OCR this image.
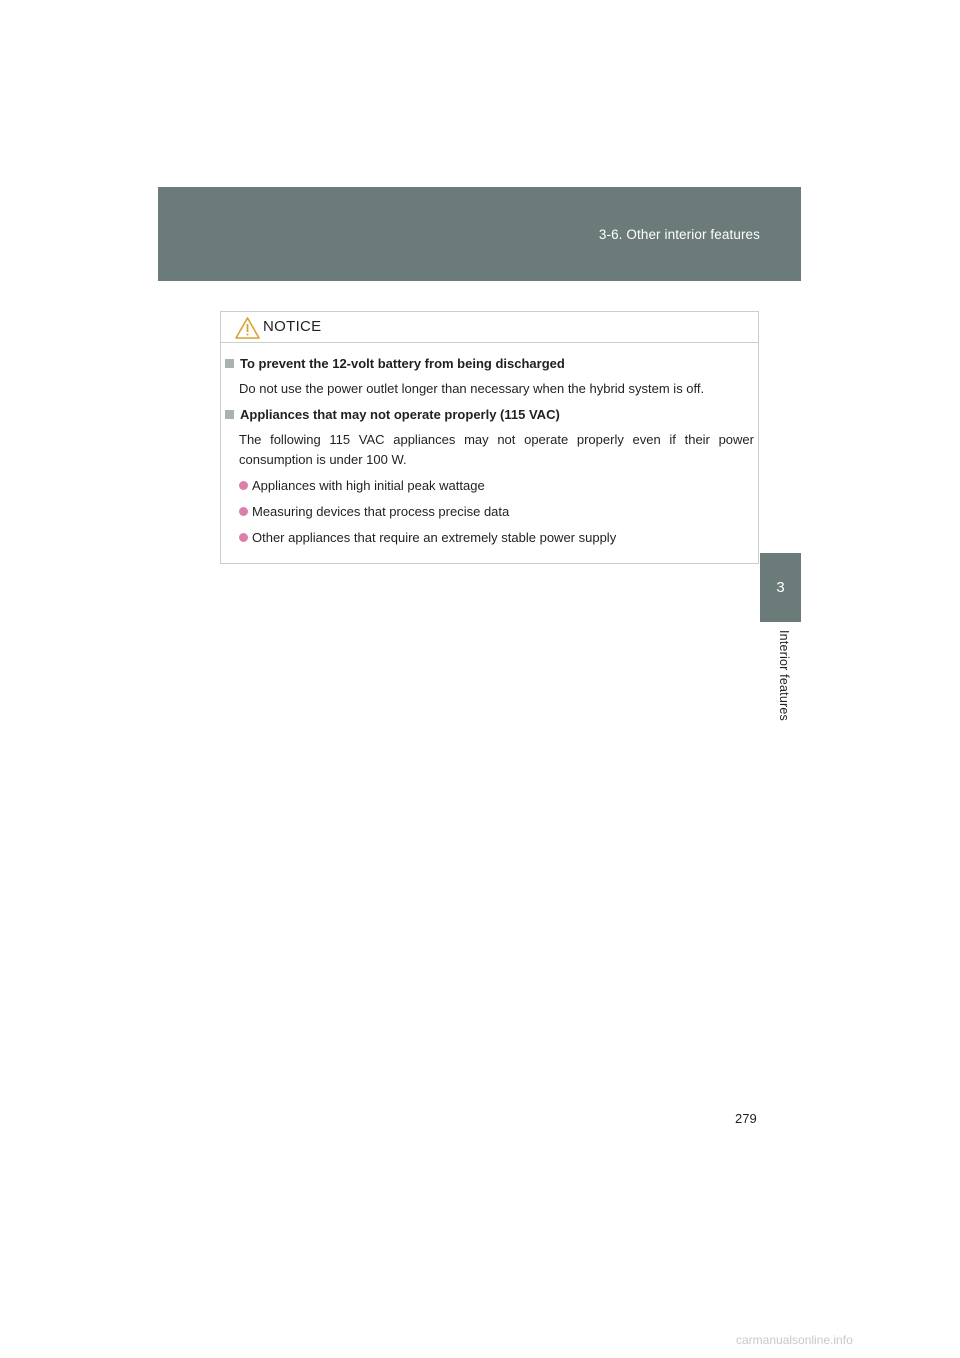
3-6. Other interior features
3
Interior features
NOTICE
To prevent the 12-volt battery from being discharged
Do not use the power outlet longer than necessary when the hybrid system is off.
Appliances that may not operate properly (115 VAC)
The following 115 VAC appliances may not operate properly even if their power consumption is under 100 W.
Appliances with high initial peak wattage
Measuring devices that process precise data
Other appliances that require an extremely stable power supply
279
carmanualsonline.info
